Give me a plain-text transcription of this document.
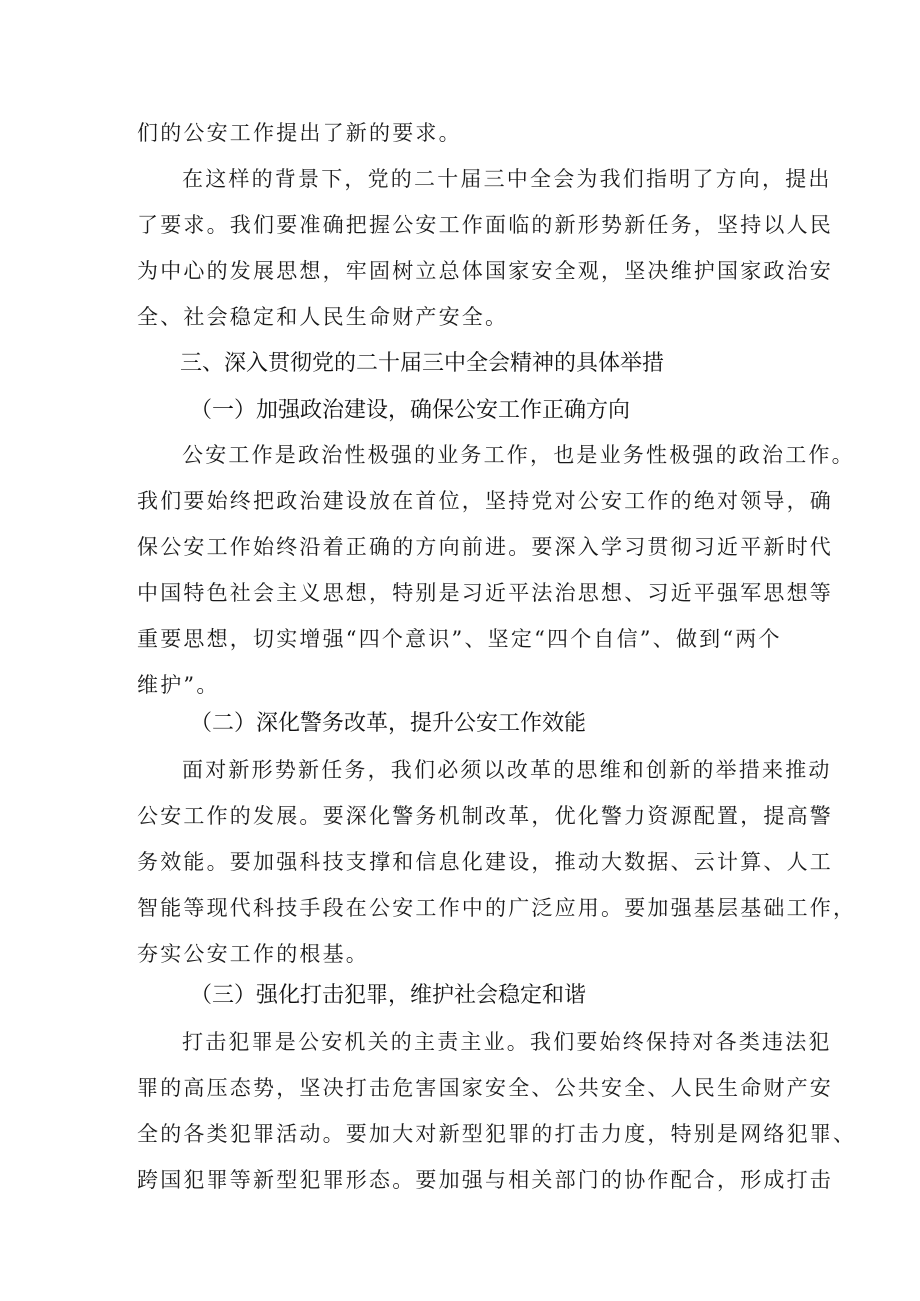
们的公安工作提出了新的要求。
在这样的背景下，党的二十届三中全会为我们指明了方向，提出
了要求。我们要准确把握公安工作面临的新形势新任务，坚持以人民
为中心的发展思想，牢固树立总体国家安全观，坚决维护国家政治安
全、社会稳定和人民生命财产安全。
三、深入贯彻党的二十届三中全会精神的具体举措
（一）加强政治建设，确保公安工作正确方向
公安工作是政治性极强的业务工作，也是业务性极强的政治工作。
我们要始终把政治建设放在首位，坚持党对公安工作的绝对领导，确
保公安工作始终沿着正确的方向前进。要深入学习贯彻习近平新时代
中国特色社会主义思想，特别是习近平法治思想、习近平强军思想等
重要思想，切实增强“四个意识”、坚定“四个自信”、做到“两个
维护”。
（二）深化警务改革，提升公安工作效能
面对新形势新任务，我们必须以改革的思维和创新的举措来推动
公安工作的发展。要深化警务机制改革，优化警力资源配置，提高警
务效能。要加强科技支撑和信息化建设，推动大数据、云计算、人工
智能等现代科技手段在公安工作中的广泛应用。要加强基层基础工作，
夯实公安工作的根基。
（三）强化打击犯罪，维护社会稳定和谐
打击犯罪是公安机关的主责主业。我们要始终保持对各类违法犯
罪的高压态势，坚决打击危害国家安全、公共安全、人民生命财产安
全的各类犯罪活动。要加大对新型犯罪的打击力度，特别是网络犯罪、
跨国犯罪等新型犯罪形态。要加强与相关部门的协作配合，形成打击
